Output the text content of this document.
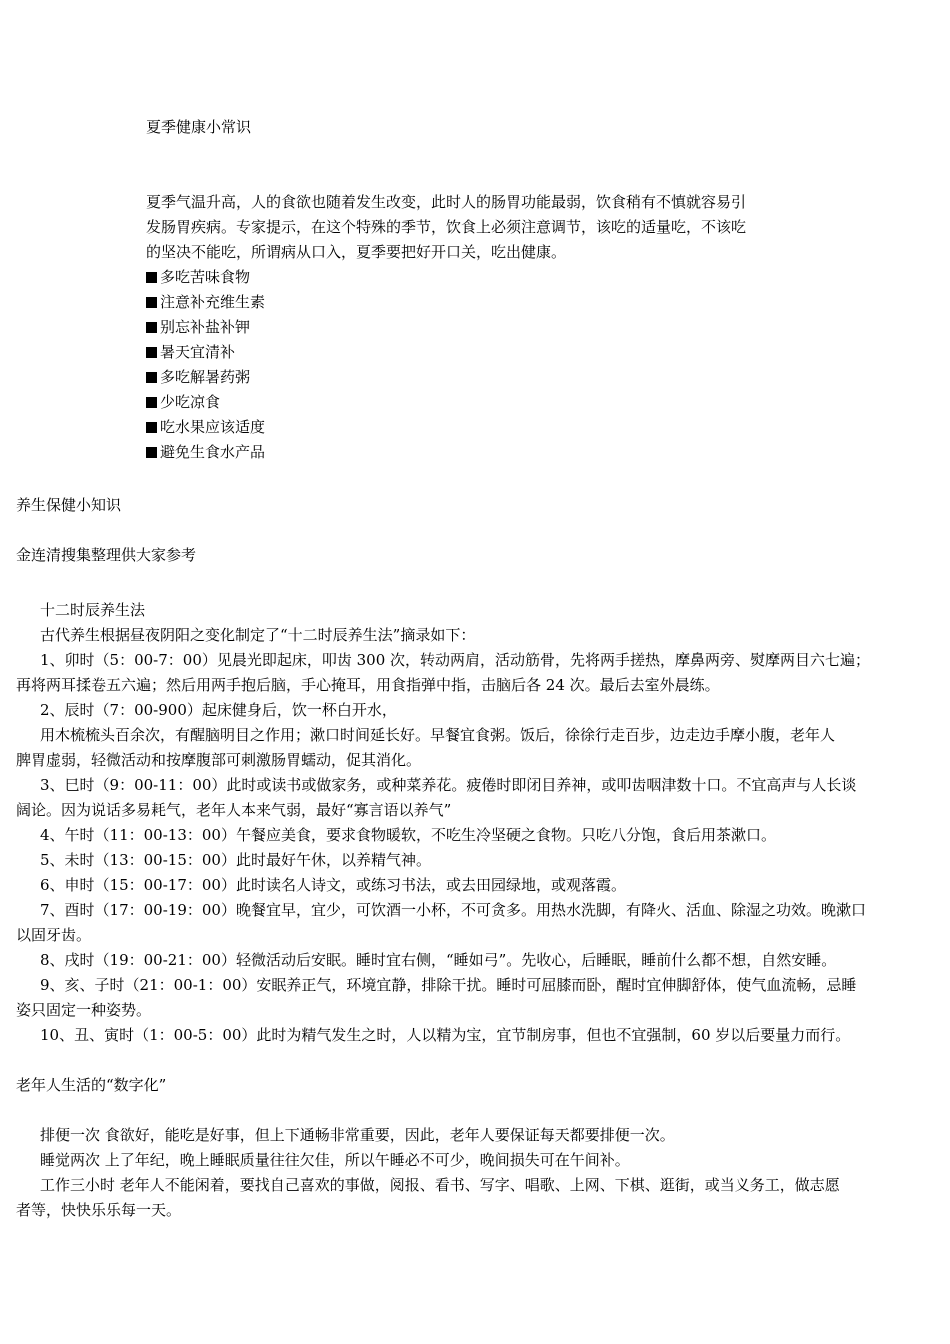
夏季健康小常识
夏季气温升高，人的食欲也随着发生改变，此时人的肠胃功能最弱，饮食稍有不慎就容易引
发肠胃疾病。专家提示，在这个特殊的季节，饮食上必须注意调节，该吃的适量吃，不该吃
的坚决不能吃，所谓病从口入，夏季要把好开口关，吃出健康。
多吃苦味食物
注意补充维生素
别忘补盐补钾
暑天宜清补
多吃解暑药粥
少吃凉食
吃水果应该适度
避免生食水产品
养生保健小知识
金连清搜集整理供大家参考
十二时辰养生法
古代养生根据昼夜阴阳之变化制定了“十二时辰养生法”摘录如下：
1、卯时（5：00-7：00）见晨光即起床，叩齿 300 次，转动两肩，活动筋骨，先将两手搓热，摩鼻两旁、熨摩两目六七遍；
再将两耳揉卷五六遍；然后用两手抱后脑，手心掩耳，用食指弹中指，击脑后各 24 次。最后去室外晨练。
2、辰时（7：00-900）起床健身后，饮一杯白开水，
用木梳梳头百余次，有醒脑明目之作用；漱口时间延长好。早餐宜食粥。饭后，徐徐行走百步，边走边手摩小腹，老年人
脾胃虚弱，轻微活动和按摩腹部可刺激肠胃蠕动，促其消化。
3、巳时（9：00-11：00）此时或读书或做家务，或种菜养花。疲倦时即闭目养神，或叩齿咽津数十口。不宜高声与人长谈
阔论。因为说话多易耗气，老年人本来气弱，最好“寡言语以养气”
4、午时（11：00-13：00）午餐应美食，要求食物暖软，不吃生冷坚硬之食物。只吃八分饱，食后用茶漱口。
5、未时（13：00-15：00）此时最好午休，以养精气神。
6、申时（15：00-17：00）此时读名人诗文，或练习书法，或去田园绿地，或观落霞。
7、酉时（17：00-19：00）晚餐宜早，宜少，可饮酒一小杯，不可贪多。用热水洗脚，有降火、活血、除湿之功效。晚漱口
以固牙齿。
8、戌时（19：00-21：00）轻微活动后安眠。睡时宜右侧，“睡如弓”。先收心，后睡眠，睡前什么都不想，自然安睡。
9、亥、子时（21：00-1：00）安眠养正气，环境宜静，排除干扰。睡时可屈膝而卧，醒时宜伸脚舒体，使气血流畅，忌睡
姿只固定一种姿势。
10、丑、寅时（1：00-5：00）此时为精气发生之时，人以精为宝，宜节制房事，但也不宜强制，60 岁以后要量力而行。
老年人生活的“数字化”
排便一次 食欲好，能吃是好事，但上下通畅非常重要，因此，老年人要保证每天都要排便一次。
睡觉两次 上了年纪，晚上睡眠质量往往欠佳，所以午睡必不可少，晚间损失可在午间补。
工作三小时 老年人不能闲着，要找自己喜欢的事做，阅报、看书、写字、唱歌、上网、下棋、逛街，或当义务工，做志愿
者等，快快乐乐每一天。
